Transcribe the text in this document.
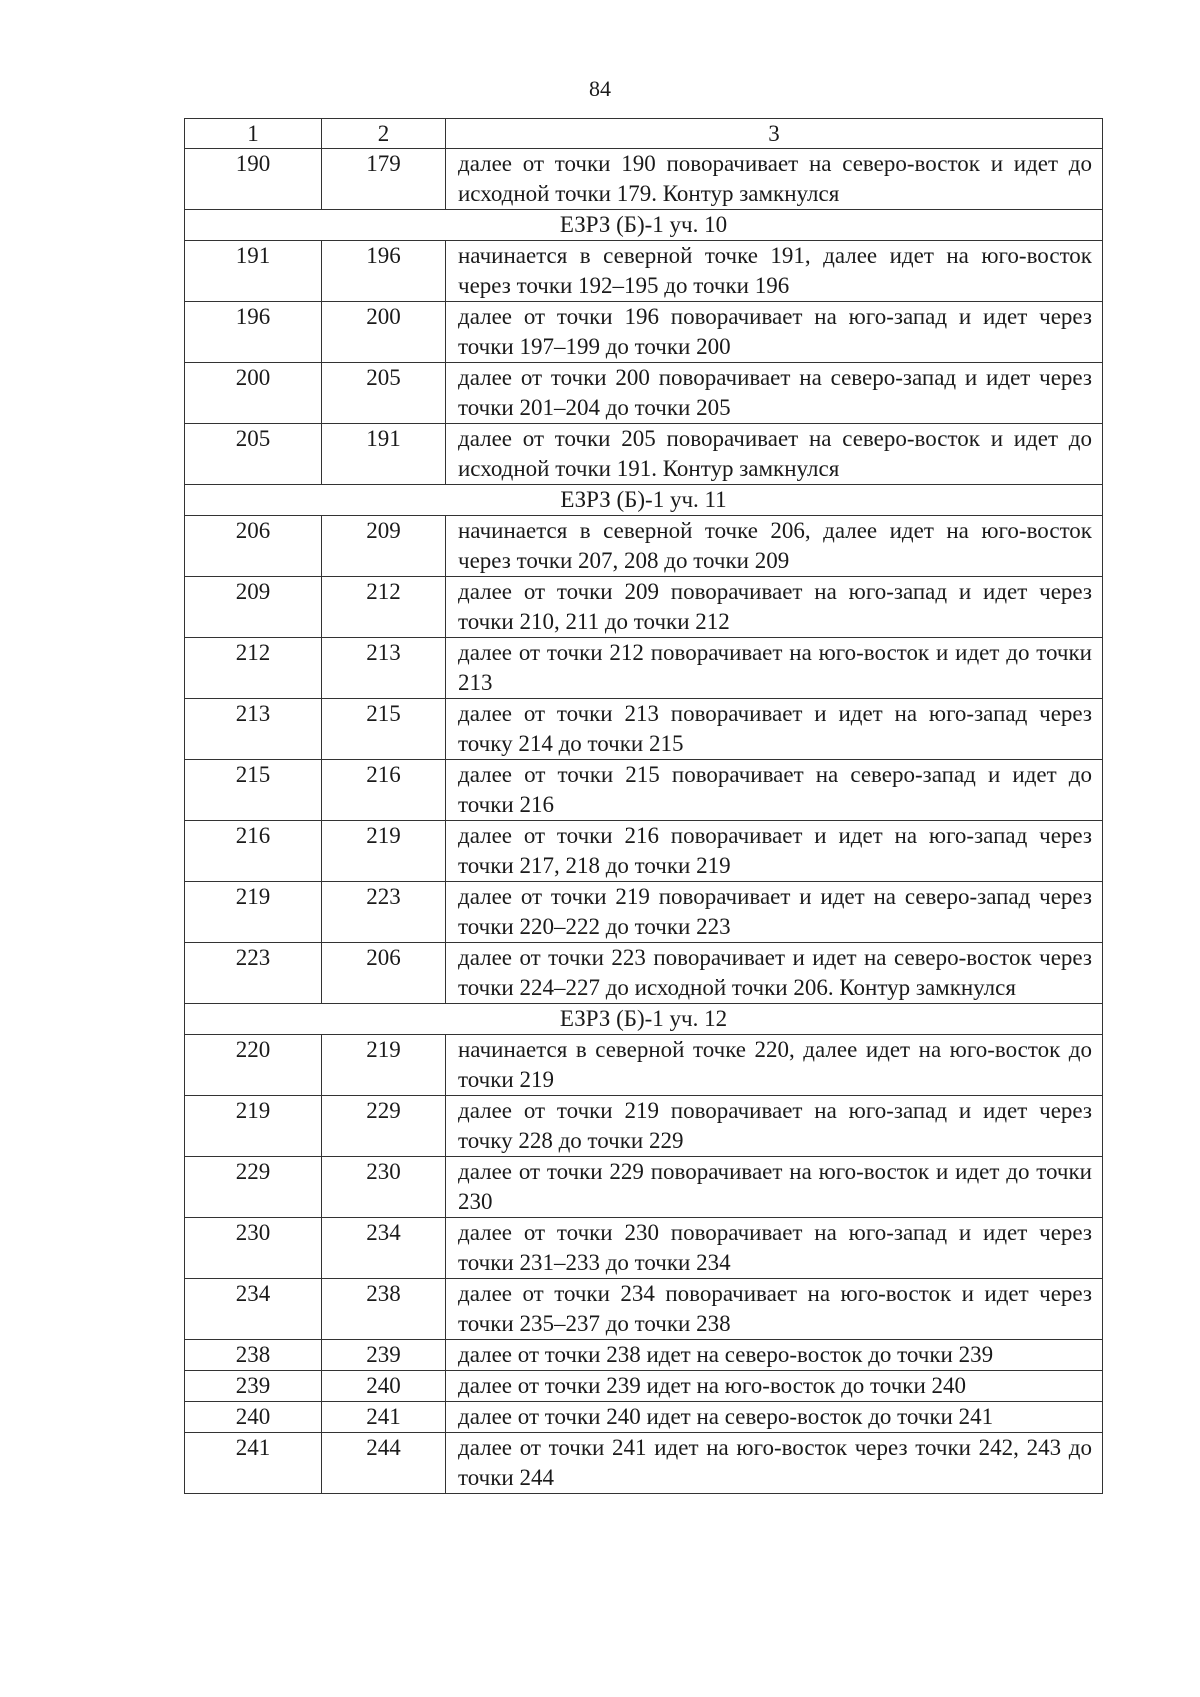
84
1	2	3
190	179	далее от точки 190 поворачивает на северо-восток и идет до исходной точки 179. Контур замкнулся
ЕЗРЗ (Б)-1 уч. 10		
191	196	начинается в северной точке 191, далее идет на юго-восток через точки 192–195 до точки 196
196	200	далее от точки 196 поворачивает на юго-запад и идет через точки 197–199 до точки 200
200	205	далее от точки 200 поворачивает на северо-запад и идет через точки 201–204 до точки 205
205	191	далее от точки 205 поворачивает на северо-восток и идет до исходной точки 191. Контур замкнулся
ЕЗРЗ (Б)-1 уч. 11		
206	209	начинается в северной точке 206, далее идет на юго-восток через точки 207, 208 до точки 209
209	212	далее от точки 209 поворачивает на юго-запад и идет через точки 210, 211 до точки 212
212	213	далее от точки 212 поворачивает на юго-восток и идет до точки 213
213	215	далее от точки 213 поворачивает и идет на юго-запад через точку 214 до точки 215
215	216	далее от точки 215 поворачивает на северо-запад и идет до точки 216
216	219	далее от точки 216 поворачивает и идет на юго-запад через точки 217, 218 до точки 219
219	223	далее от точки 219 поворачивает и идет на северо-запад через точки 220–222 до точки 223
223	206	далее от точки 223 поворачивает и идет на северо-восток через точки 224–227 до исходной точки 206. Контур замкнулся
ЕЗРЗ (Б)-1 уч. 12		
220	219	начинается в северной точке 220, далее идет на юго-восток до точки 219
219	229	далее от точки 219 поворачивает на юго-запад и идет через точку 228 до точки 229
229	230	далее от точки 229 поворачивает на юго-восток и идет до точки 230
230	234	далее от точки 230 поворачивает на юго-запад и идет через точки 231–233 до точки 234
234	238	далее от точки 234 поворачивает на юго-восток и идет через точки 235–237 до точки 238
238	239	далее от точки 238 идет на северо-восток до точки 239
239	240	далее от точки 239 идет на юго-восток до точки 240
240	241	далее от точки 240 идет на северо-восток до точки 241
241	244	далее от точки 241 идет на юго-восток через точки 242, 243 до точки 244
